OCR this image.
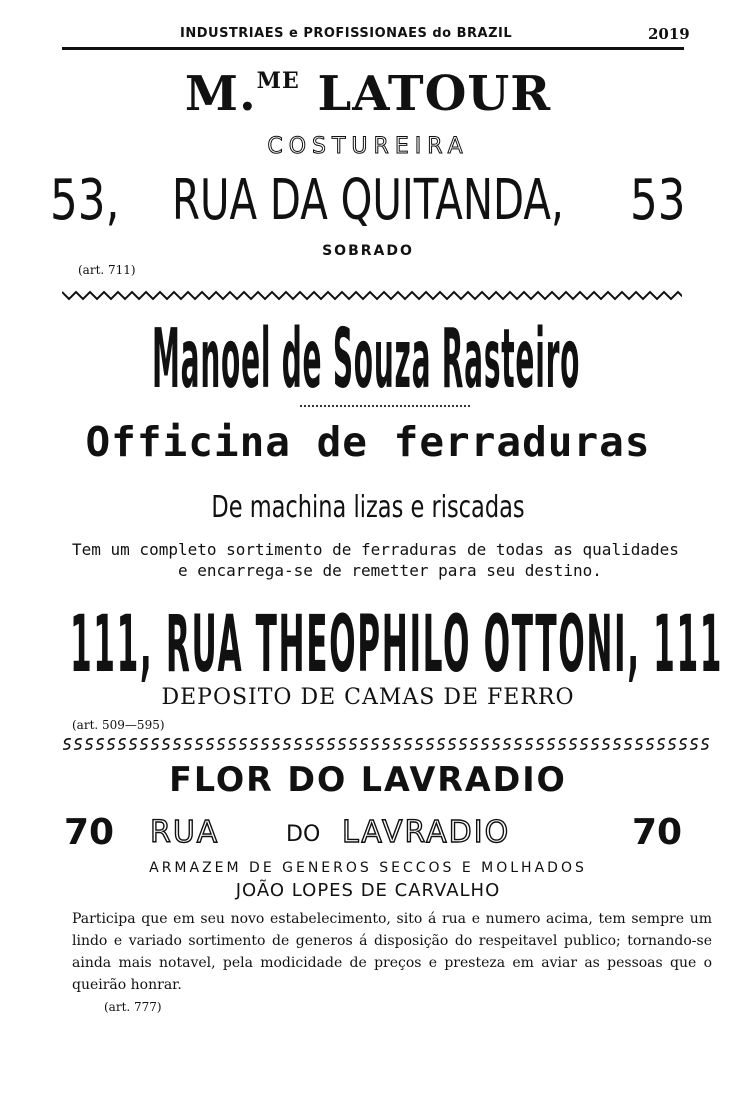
INDUSTRIAES e PROFISSIONAES do BRAZIL	2019
M.$^{ME}$ LATOUR
COSTUREIRA
53, RUA DA QUITANDA, 53
SOBRADO
(art. 711)
Manoel de Souza Rasteiro
Officina de ferraduras
De machina lizas e riscadas
Tem um completo sortimento de ferraduras de todas as qualidades
e encarrega-se de remetter para seu destino.
111, RUA THEOPHILO OTTONI, 111
DEPOSITO DE CAMAS DE FERRO
(art. 509—595)
FLOR DO LAVRADIO
70 RUA	DO LAVRADIO	70
ARMAZEM DE GENEROS SECCOS E MOLHADOS
JOÃO LOPES DE CARVALHO
Participa que em seu novo estabelecimento, sito á rua e numero acima, tem sempre um lindo e variado sortimento de generos á disposição do respeitavel publico; tornando-se ainda mais notavel, pela modicidade de preços e presteza em aviar as pessoas que o queirão honrar.
(art. 777)
